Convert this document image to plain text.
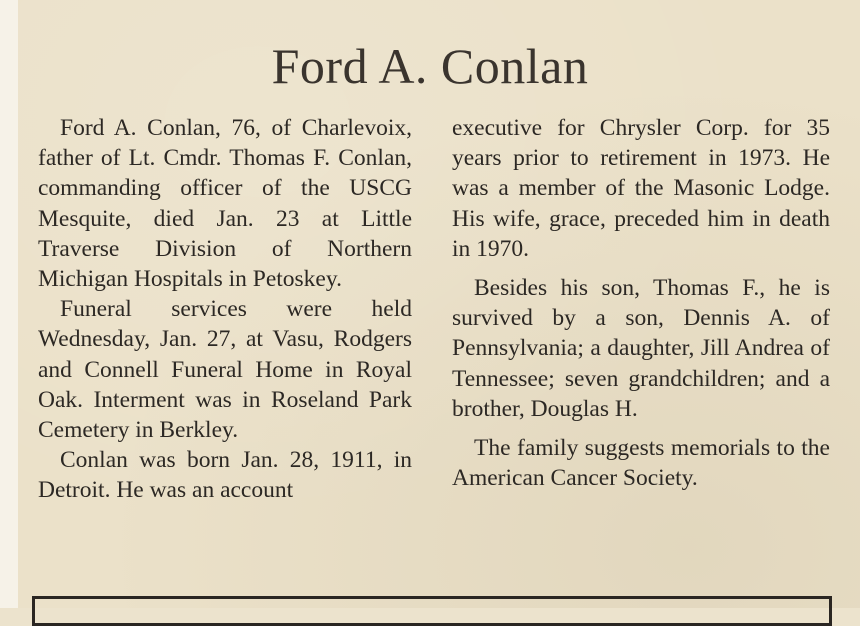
Ford A. Conlan

Ford A. Conlan, 76, of Charlevoix, father of Lt. Cmdr. Thomas F. Conlan, commanding officer of the USCG Mesquite, died Jan. 23 at Little Traverse Division of Northern Michigan Hospitals in Petoskey.

Funeral services were held Wednesday, Jan. 27, at Vasu, Rodgers and Connell Funeral Home in Royal Oak. Interment was in Roseland Park Cemetery in Berkley.

Conlan was born Jan. 28, 1911, in Detroit. He was an account

executive for Chrysler Corp. for 35 years prior to retirement in 1973. He was a member of the Masonic Lodge. His wife, grace, preceded him in death in 1970.

Besides his son, Thomas F., he is survived by a son, Dennis A. of Pennsylvania; a daughter, Jill Andrea of Tennessee; seven grandchildren; and a brother, Douglas H.

The family suggests memorials to the American Cancer Society.
